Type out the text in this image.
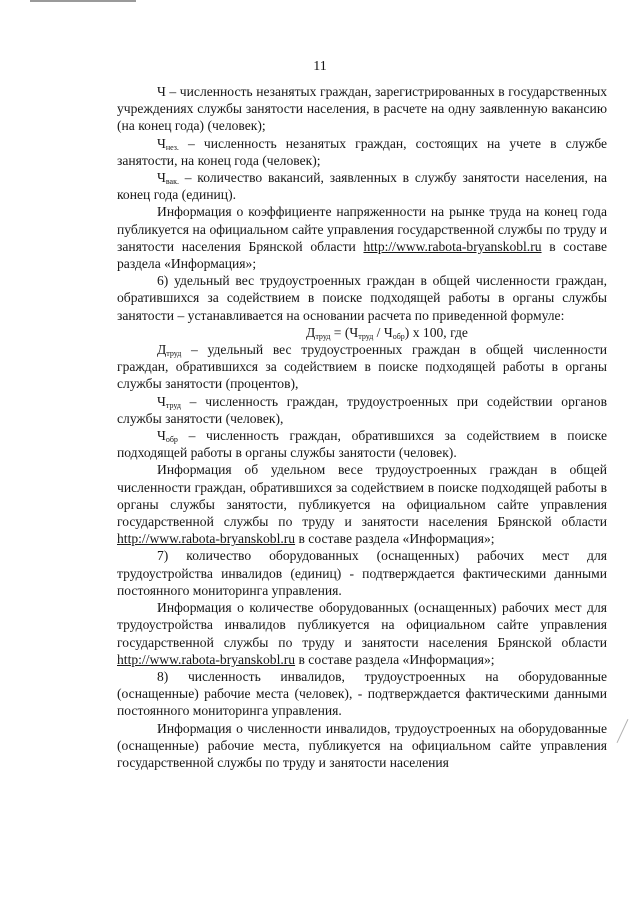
11

Ч – численность незанятых граждан, зарегистрированных в государственных учреждениях службы занятости населения, в расчете на одну заявленную вакансию (на конец года) (человек);

$Ч_{нез.}$ – численность незанятых граждан, состоящих на учете в службе занятости, на конец года (человек);

$Ч_{вак.}$ – количество вакансий, заявленных в службу занятости населения, на конец года (единиц).

Информация о коэффициенте напряженности на рынке труда на конец года публикуется на официальном сайте управления государственной службы по труду и занятости населения Брянской области http://www.rabota-bryanskobl.ru в составе раздела «Информация»;

6) удельный вес трудоустроенных граждан в общей численности граждан, обратившихся за содействием в поиске подходящей работы в органы службы занятости – устанавливается на основании расчета по приведенной формуле:

$Д_{труд} = (Ч_{труд} / Ч_{обр})$ х 100, где

$Д_{труд}$ – удельный вес трудоустроенных граждан в общей численности граждан, обратившихся за содействием в поиске подходящей работы в органы службы занятости (процентов),

$Ч_{труд}$ – численность граждан, трудоустроенных при содействии органов службы занятости (человек),

$Ч_{обр}$ – численность граждан, обратившихся за содействием в поиске подходящей работы в органы службы занятости (человек).

Информация об удельном весе трудоустроенных граждан в общей численности граждан, обратившихся за содействием в поиске подходящей работы в органы службы занятости, публикуется на официальном сайте управления государственной службы по труду и занятости населения Брянской области http://www.rabota-bryanskobl.ru в составе раздела «Информация»;

7) количество оборудованных (оснащенных) рабочих мест для трудоустройства инвалидов (единиц) - подтверждается фактическими данными постоянного мониторинга управления.

Информация о количестве оборудованных (оснащенных) рабочих мест для трудоустройства инвалидов публикуется на официальном сайте управления государственной службы по труду и занятости населения Брянской области http://www.rabota-bryanskobl.ru в составе раздела «Информация»;

8) численность инвалидов, трудоустроенных на оборудованные (оснащенные) рабочие места (человек), - подтверждается фактическими данными постоянного мониторинга управления.

Информация о численности инвалидов, трудоустроенных на оборудованные (оснащенные) рабочие места, публикуется на официальном сайте управления государственной службы по труду и занятости населения
